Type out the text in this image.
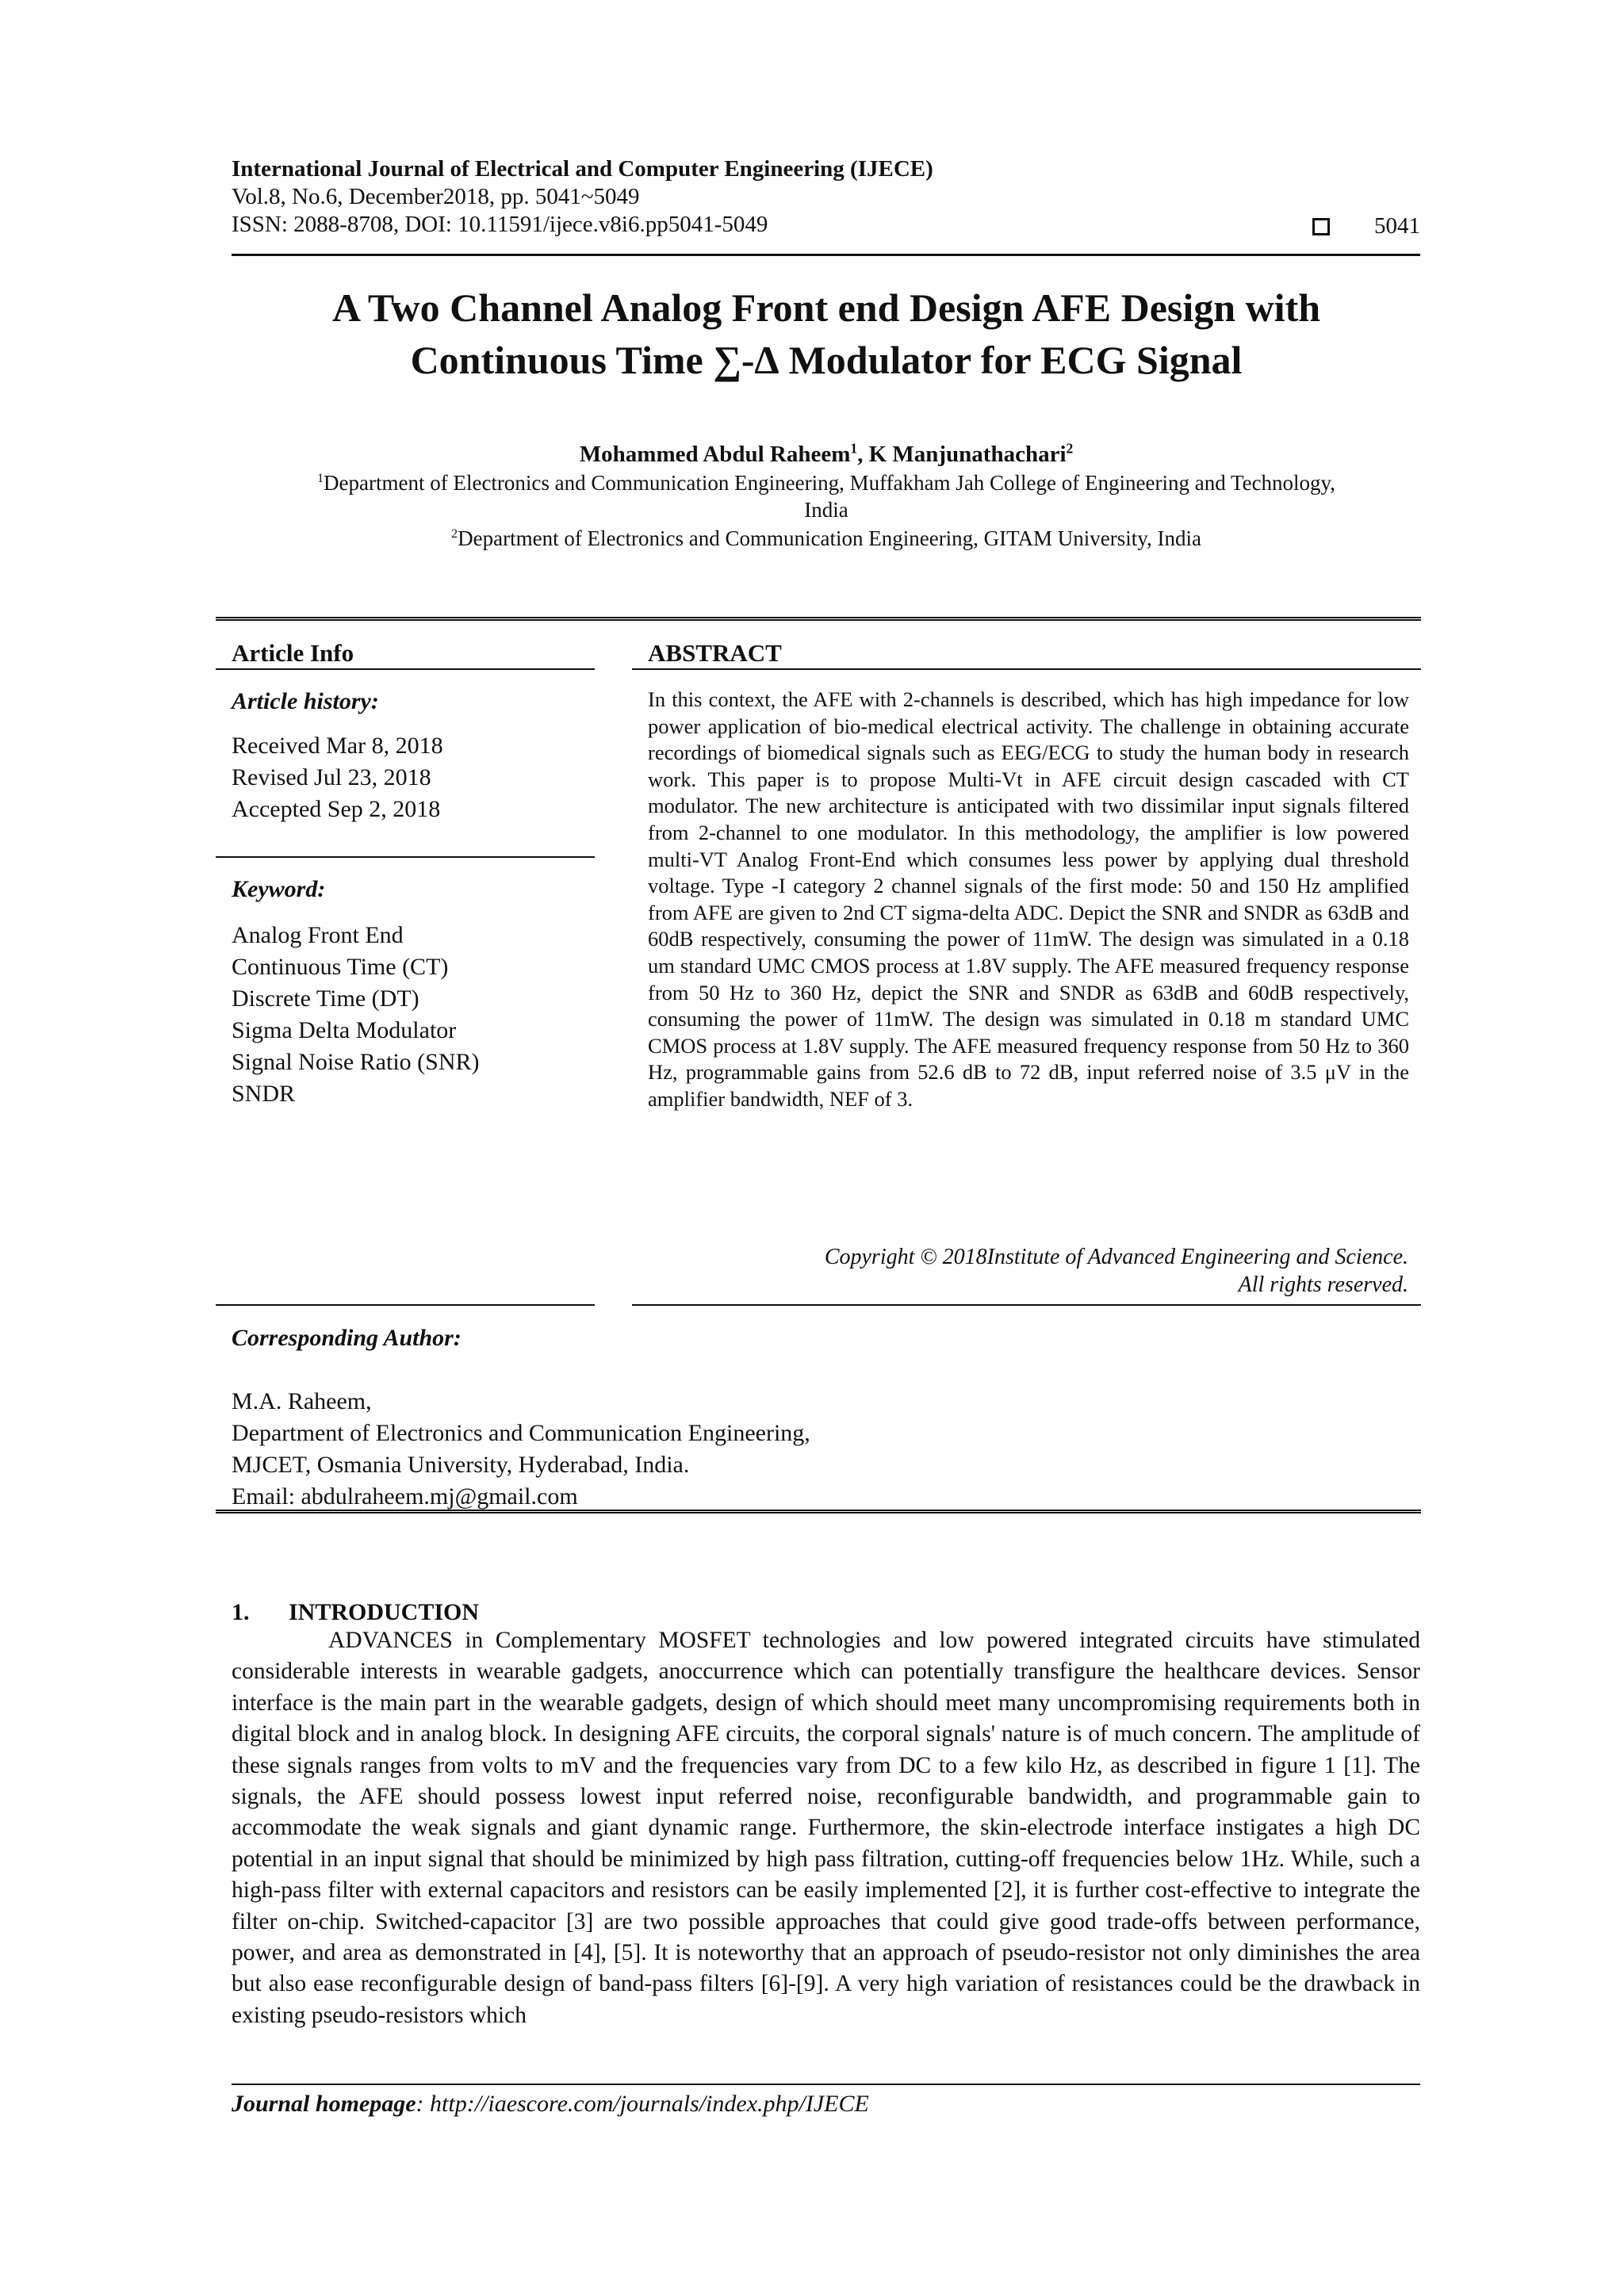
International Journal of Electrical and Computer Engineering (IJECE)
Vol.8, No.6, December2018, pp. 5041~5049
ISSN: 2088-8708, DOI: 10.11591/ijece.v8i6.pp5041-5049	5041
A Two Channel Analog Front end Design AFE Design with
Continuous Time ∑-∆ Modulator for ECG Signal
Mohammed Abdul Raheem$^1$, K Manjunathachari$^2$
$^1$Department of Electronics and Communication Engineering, Muffakham Jah College of Engineering and Technology,
India
$^2$Department of Electronics and Communication Engineering, GITAM University, India
Article Info
Article history:
Received Mar 8, 2018
Revised Jul 23, 2018
Accepted Sep 2, 2018
Keyword:
Analog Front End
Continuous Time (CT)
Discrete Time (DT)
Sigma Delta Modulator
Signal Noise Ratio (SNR)
SNDR
ABSTRACT
In this context, the AFE with 2-channels is described, which has high impedance for low power application of bio-medical electrical activity. The challenge in obtaining accurate recordings of biomedical signals such as EEG/ECG to study the human body in research work. This paper is to propose Multi-Vt in AFE circuit design cascaded with CT modulator. The new architecture is anticipated with two dissimilar input signals filtered from 2-channel to one modulator. In this methodology, the amplifier is low powered multi-VT Analog Front-End which consumes less power by applying dual threshold voltage. Type -I category 2 channel signals of the first mode: 50 and 150 Hz amplified from AFE are given to 2nd CT sigma-delta ADC. Depict the SNR and SNDR as 63dB and 60dB respectively, consuming the power of 11mW. The design was simulated in a 0.18 um standard UMC CMOS process at 1.8V supply. The AFE measured frequency response from 50 Hz to 360 Hz, depict the SNR and SNDR as 63dB and 60dB respectively, consuming the power of 11mW. The design was simulated in 0.18 m standard UMC CMOS process at 1.8V supply. The AFE measured frequency response from 50 Hz to 360 Hz, programmable gains from 52.6 dB to 72 dB, input referred noise of 3.5 μV in the amplifier bandwidth, NEF of 3.
Copyright © 2018Institute of Advanced Engineering and Science.
All rights reserved.
Corresponding Author:
M.A. Raheem,
Department of Electronics and Communication Engineering,
MJCET, Osmania University, Hyderabad, India.
Email: abdulraheem.mj@gmail.com
1. INTRODUCTION
ADVANCES in Complementary MOSFET technologies and low powered integrated circuits have stimulated considerable interests in wearable gadgets, anoccurrence which can potentially transfigure the healthcare devices. Sensor interface is the main part in the wearable gadgets, design of which should meet many uncompromising requirements both in digital block and in analog block. In designing AFE circuits, the corporal signals' nature is of much concern. The amplitude of these signals ranges from volts to mV and the frequencies vary from DC to a few kilo Hz, as described in figure 1 [1]. The signals, the AFE should possess lowest input referred noise, reconfigurable bandwidth, and programmable gain to accommodate the weak signals and giant dynamic range. Furthermore, the skin-electrode interface instigates a high DC potential in an input signal that should be minimized by high pass filtration, cutting-off frequencies below 1Hz. While, such a high-pass filter with external capacitors and resistors can be easily implemented [2], it is further cost-effective to integrate the filter on-chip. Switched-capacitor [3] are two possible approaches that could give good trade-offs between performance, power, and area as demonstrated in [4], [5]. It is noteworthy that an approach of pseudo-resistor not only diminishes the area but also ease reconfigurable design of band-pass filters [6]-[9]. A very high variation of resistances could be the drawback in existing pseudo-resistors which
Journal homepage: http://iaescore.com/journals/index.php/IJECE
